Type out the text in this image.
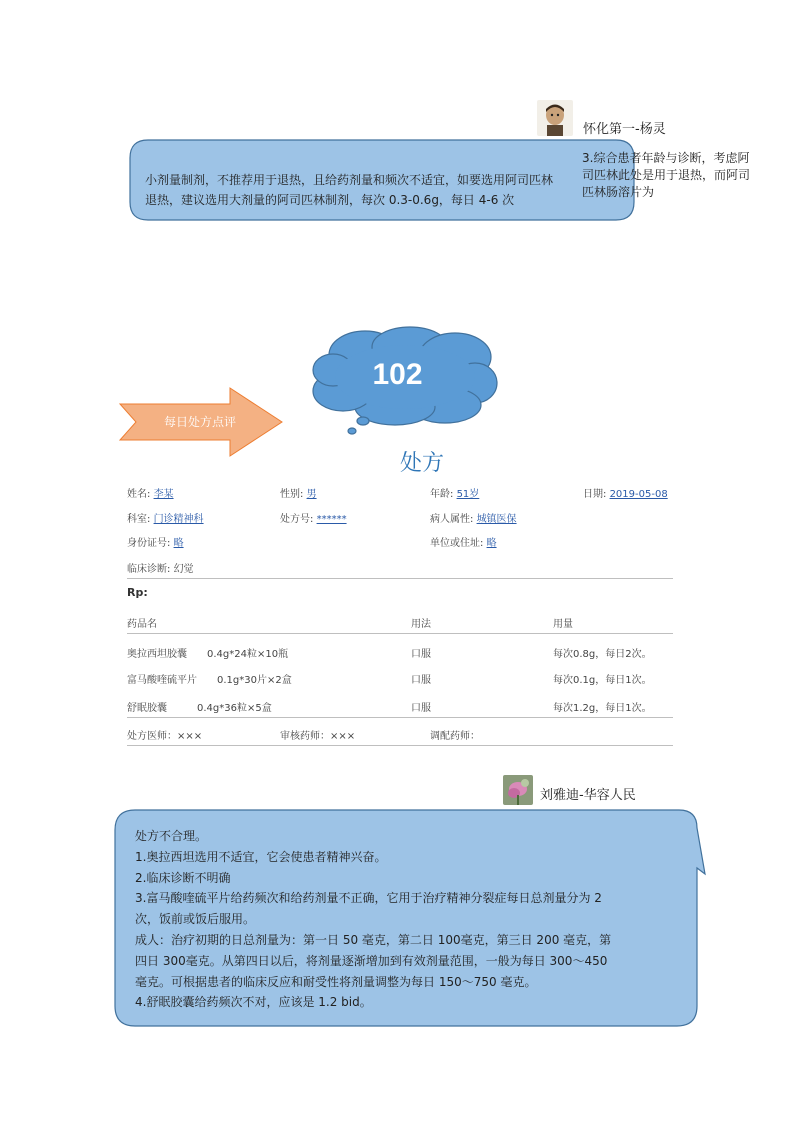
怀化第一-杨灵
小剂量制剂，不推荐用于退热，且给药剂量和频次不适宜，如要选用阿司匹林
退热，建议选用大剂量的阿司匹林制剂，每次 0.3-0.6g，每日 4-6 次
3.综合患者年龄与诊断，考虑阿司匹林此处是用于退热，而阿司匹林肠溶片为
102
每日处方点评
处方
姓名: 李某	性别: 男	年龄: 51岁	日期: 2019-05-08
科室: 门诊精神科	处方号: ******	病人属性: 城镇医保
身份证号: 略	单位或住址: 略
临床诊断: 幻觉
Rp:
药品名	用法	用量
奥拉西坦胶囊 0.4g*24粒×10瓶	口服	每次0.8g，每日2次。
富马酸喹硫平片 0.1g*30片×2盒	口服	每次0.1g，每日1次。
舒眠胶囊	0.4g*36粒×5盒	口服	每次1.2g，每日1次。
处方医师：×××	审核药师：×××	调配药师：
刘雅迪-华容人民
处方不合理。
1.奥拉西坦选用不适宜，它会使患者精神兴奋。
2.临床诊断不明确
3.富马酸喹硫平片给药频次和给药剂量不正确，它用于治疗精神分裂症每日总剂量分为 2
次，饭前或饭后服用。
成人：治疗初期的日总剂量为：第一日 50 毫克，第二日 100毫克，第三日 200 毫克，第
四日 300毫克。从第四日以后，将剂量逐渐增加到有效剂量范围，一般为每日 300～450
毫克。可根据患者的临床反应和耐受性将剂量调整为每日 150～750 毫克。
4.舒眠胶囊给药频次不对，应该是 1.2 bid。
